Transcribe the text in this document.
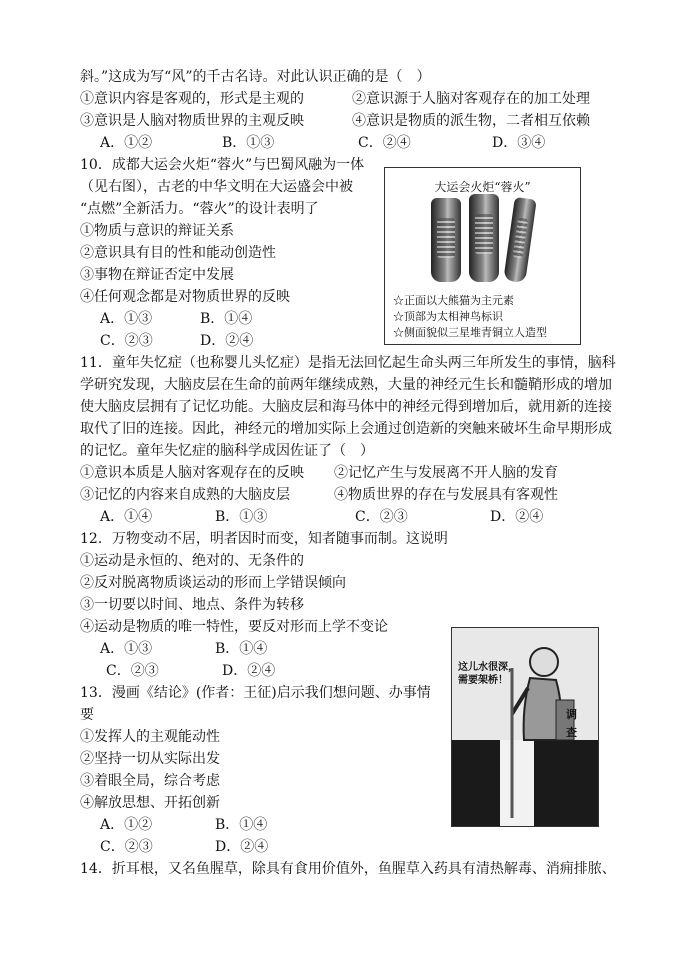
斜。”这成为写“风”的千古名诗。对此认识正确的是（　）
①意识内容是客观的，形式是主观的	②意识源于人脑对客观存在的加工处理
③意识是人脑对物质世界的主观反映	④意识是物质的派生物，二者相互依赖
A．①②	B．①③	C．②④	D．③④
10．成都大运会火炬“蓉火”与巴蜀风融为一体
（见右图），古老的中华文明在大运盛会中被
“点燃”全新活力。“蓉火”的设计表明了
①物质与意识的辩证关系
②意识具有目的性和能动创造性
③事物在辩证否定中发展
④任何观念都是对物质世界的反映
A．①③	B．①④
C．②③	D．②④
11．童年失忆症（也称婴儿头忆症）是指无法回忆起生命头两三年所发生的事情，脑科
学研究发现，大脑皮层在生命的前两年继续成熟，大量的神经元生长和髓鞘形成的增加
使大脑皮层拥有了记忆功能。大脑皮层和海马体中的神经元得到增加后，就用新的连接
取代了旧的连接。因此，神经元的增加实际上会通过创造新的突触来破坏生命早期形成
的记忆。童年失忆症的脑科学成因佐证了（　）
①意识本质是人脑对客观存在的反映 ②记忆产生与发展离不开人脑的发育
③记忆的内容来自成熟的大脑皮层	④物质世界的存在与发展具有客观性
A．①④	B．①③	C．②③	D．②④
12．万物变动不居，明者因时而变，知者随事而制。这说明
①运动是永恒的、绝对的、无条件的
②反对脱离物质谈运动的形而上学错误倾向
③一切要以时间、地点、条件为转移
④运动是物质的唯一特性，要反对形而上学不变论
A．①③	B．①④
C．②③	D．②④
13．漫画《结论》(作者：王征)启示我们想问题、办事情
要
①发挥人的主观能动性
②坚持一切从实际出发
③着眼全局，综合考虑
④解放思想、开拓创新
A．①②	B．①④
C．②③	D．②④
14．折耳根，又名鱼腥草，除具有食用价值外，鱼腥草入药具有清热解毒、消痈排脓、
大运会火炬“蓉火”
☆正面以大熊猫为主元素
☆顶部为太相神鸟标识
☆侧面貌似三星堆青铜立人造型
这儿水很深，
需要架桥！
调
查
